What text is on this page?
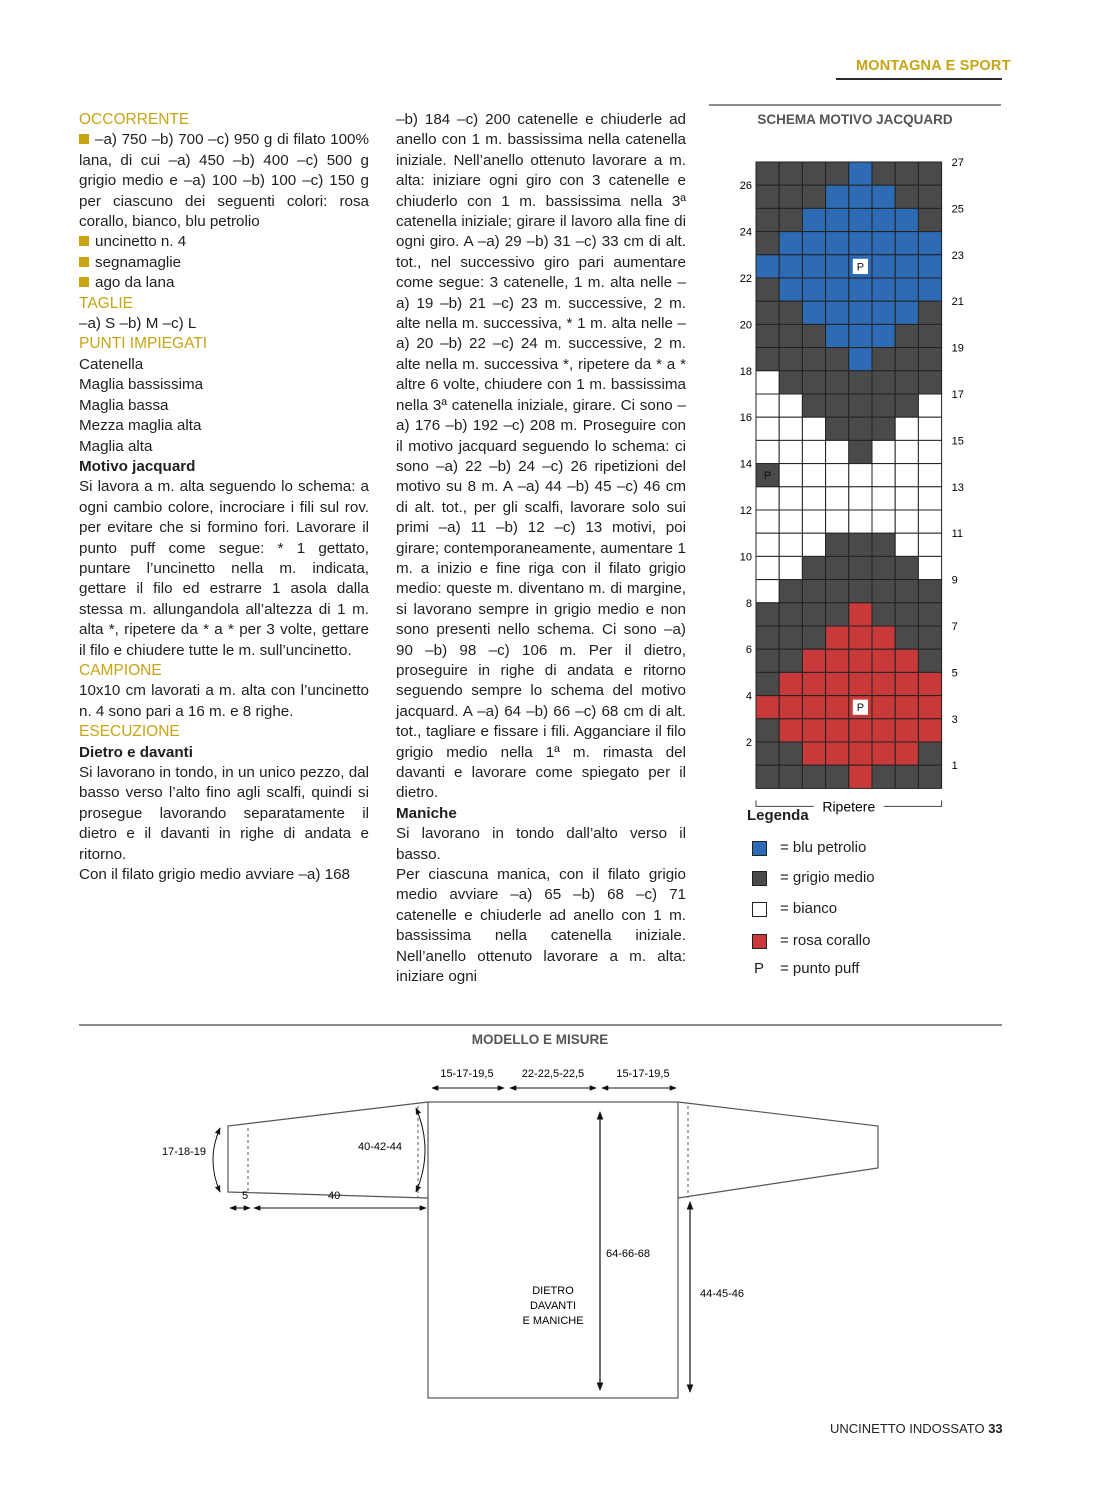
MONTAGNA E SPORT

OCCORRENTE

–a) 750 –b) 700 –c) 950 g di filato 100% lana, di cui –a) 450 –b) 400 –c) 500 g grigio medio e –a) 100 –b) 100 –c) 150 g per ciascuno dei seguenti colori: rosa corallo, bianco, blu petrolio

uncinetto n. 4

segnamaglie

ago da lana

TAGLIE

–a) S –b) M –c) L

PUNTI IMPIEGATI

Catenella

Maglia bassissima

Maglia bassa

Mezza maglia alta

Maglia alta

Motivo jacquard

Si lavora a m. alta seguendo lo schema: a ogni cambio colore, incrociare i fili sul rov. per evitare che si formino fori. Lavorare il punto puff come segue: * 1 gettato, puntare l’uncinetto nella m. indicata, gettare il filo ed estrarre 1 asola dalla stessa m. allungandola all’altezza di 1 m. alta *, ripetere da * a * per 3 volte, gettare il filo e chiudere tutte le m. sull’uncinetto.

CAMPIONE

10x10 cm lavorati a m. alta con l’uncinetto n. 4 sono pari a 16 m. e 8 righe.

ESECUZIONE

Dietro e davanti

Si lavorano in tondo, in un unico pezzo, dal basso verso l’alto fino agli scalfi, quindi si prosegue lavorando separatamente il dietro e il davanti in righe di andata e ritorno.

Con il filato grigio medio avviare –a) 168

–b) 184 –c) 200 catenelle e chiuderle ad anello con 1 m. bassissima nella catenella iniziale. Nell’anello ottenuto lavorare a m. alta: iniziare ogni giro con 3 catenelle e chiuderlo con 1 m. bassissima nella 3ª catenella iniziale; girare il lavoro alla fine di ogni giro. A –a) 29 –b) 31 –c) 33 cm di alt. tot., nel successivo giro pari aumentare come segue: 3 catenelle, 1 m. alta nelle –a) 19 –b) 21 –c) 23 m. successive, 2 m. alte nella m. successiva, * 1 m. alta nelle –a) 20 –b) 22 –c) 24 m. successive, 2 m. alte nella m. successiva *, ripetere da * a * altre 6 volte, chiudere con 1 m. bassissima nella 3ª catenella iniziale, girare. Ci sono –a) 176 –b) 192 –c) 208 m. Proseguire con il motivo jacquard seguendo lo schema: ci sono –a) 22 –b) 24 –c) 26 ripetizioni del motivo su 8 m. A –a) 44 –b) 45 –c) 46 cm di alt. tot., per gli scalfi, lavorare solo sui primi –a) 11 –b) 12 –c) 13 motivi, poi girare; contemporaneamente, aumentare 1 m. a inizio e fine riga con il filato grigio medio: queste m. diventano m. di margine, si lavorano sempre in grigio medio e non sono presenti nello schema. Ci sono –a) 90 –b) 98 –c) 106 m. Per il dietro, proseguire in righe di andata e ritorno seguendo sempre lo schema del motivo jacquard. A –a) 64 –b) 66 –c) 68 cm di alt. tot., tagliare e fissare i fili. Agganciare il filo grigio medio nella 1ª m. rimasta del davanti e lavorare come spiegato per il dietro.

Maniche

Si lavorano in tondo dall’alto verso il basso.

Per ciascuna manica, con il filato grigio medio avviare –a) 65 –b) 68 –c) 71 catenelle e chiuderle ad anello con 1 m. bassissima nella catenella iniziale. Nell’anello ottenuto lavorare a m. alta: iniziare ogni

SCHEMA MOTIVO JACQUARD
P
P
P
2
4
6
8
10
12
14
16
18
20
22
24
26
1
3
5
7
9
11
13
15
17
19
21
23
25
27
Ripetere
Legenda
= blu petrolio
= grigio medio
= bianco
= rosa corallo
P = punto puff
MODELLO E MISURE
15-17-19,5	22-22,5-22,5	15-17-19,5
17-18-19	40-42-44
5	40
64-66-68
44-45-46
DIETRO
DAVANTI
E MANICHE
UNCINETTO INDOSSATO 33
